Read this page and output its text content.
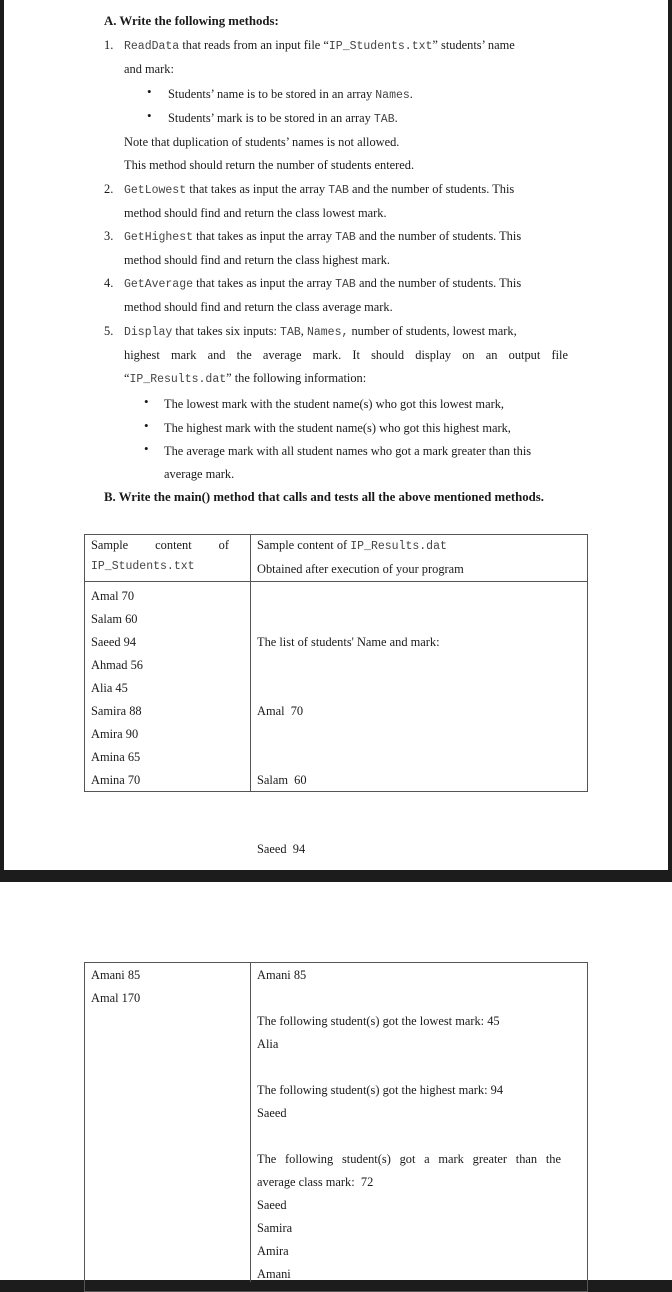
A. Write the following methods:
1. ReadData that reads from an input file “IP_Students.txt” students’ name
and mark:
• Students’ name is to be stored in an array Names.
• Students’ mark is to be stored in an array TAB.
Note that duplication of students’ names is not allowed.
This method should return the number of students entered.
2. GetLowest that takes as input the array TAB and the number of students. This
method should find and return the class lowest mark.
3. GetHighest that takes as input the array TAB and the number of students. This
method should find and return the class highest mark.
4. GetAverage that takes as input the array TAB and the number of students. This
method should find and return the class average mark.
5. Display that takes six inputs: TAB, Names, number of students, lowest mark,
highest mark and the average mark. It should display on an output file
“IP_Results.dat” the following information:
• The lowest mark with the student name(s) who got this lowest mark,
• The highest mark with the student name(s) who got this highest mark,
• The average mark with all student names who got a mark greater than this
average mark.
B. Write the main() method that calls and tests all the above mentioned methods.
Sample content of
IP_Students.txt
Sample content of IP_Results.dat
Obtained after execution of your program
Amal 70
Salam 60
Saeed 94
Ahmad 56
Alia 45
Samira 88
Amira 90
Amina 65
Amina 70

The list of students' Name and mark:

Amal  70

Salam  60

Saeed  94

Amani 85
Amal 170
Amani 85
The following student(s) got the lowest mark: 45
Alia
The following student(s) got the highest mark: 94
Saeed
The following student(s) got a mark greater than the
average class mark:  72
Saeed
Samira
Amira
Amani
